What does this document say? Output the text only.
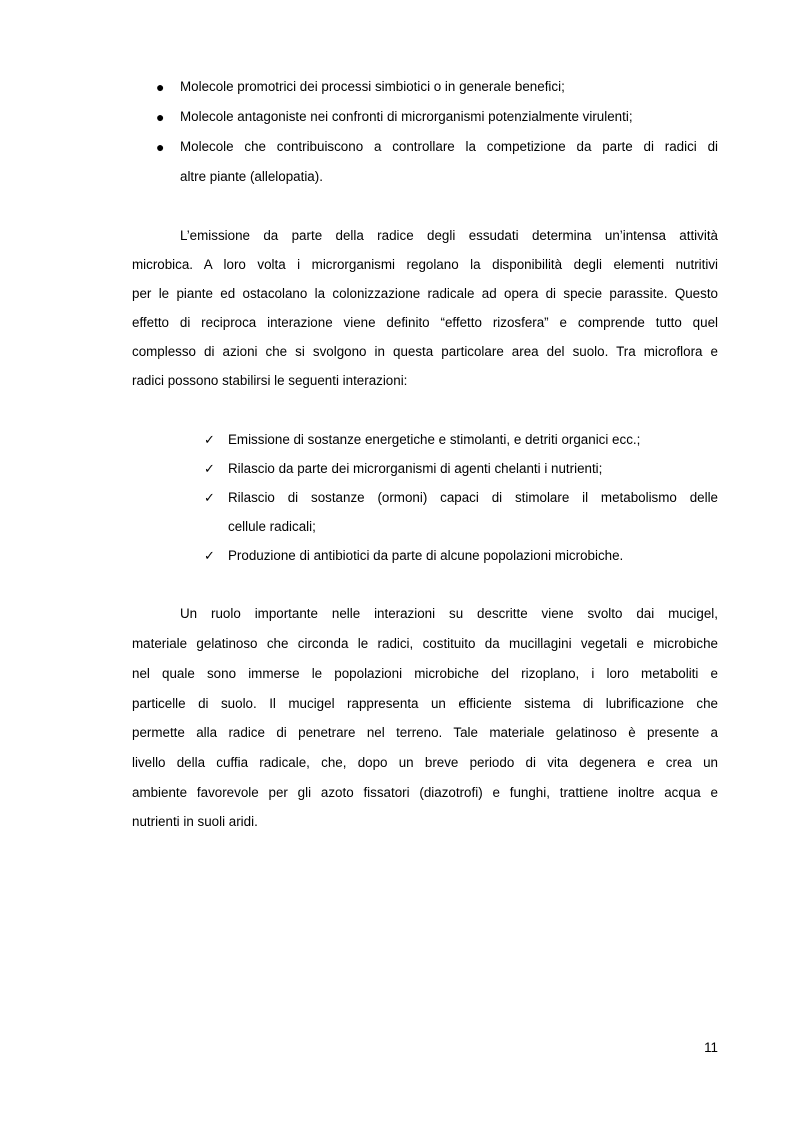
● Molecole promotrici dei processi simbiotici o in generale benefici;
● Molecole antagoniste nei confronti di microrganismi potenzialmente virulenti;
● Molecole che contribuiscono a controllare la competizione da parte di radici di
altre piante (allelopatia).
L’emissione da parte della radice degli essudati determina un’intensa attività
microbica. A loro volta i microrganismi regolano la disponibilità degli elementi nutritivi
per le piante ed ostacolano la colonizzazione radicale ad opera di specie parassite. Questo
effetto di reciproca interazione viene definito “effetto rizosfera” e comprende tutto quel
complesso di azioni che si svolgono in questa particolare area del suolo. Tra microflora e
radici possono stabilirsi le seguenti interazioni:
✓ Emissione di sostanze energetiche e stimolanti, e detriti organici ecc.;
✓ Rilascio da parte dei microrganismi di agenti chelanti i nutrienti;
✓ Rilascio di sostanze (ormoni) capaci di stimolare il metabolismo delle
cellule radicali;
✓ Produzione di antibiotici da parte di alcune popolazioni microbiche.
Un ruolo importante nelle interazioni su descritte viene svolto dai mucigel,
materiale gelatinoso che circonda le radici, costituito da mucillagini vegetali e microbiche
nel quale sono immerse le popolazioni microbiche del rizoplano, i loro metaboliti e
particelle di suolo. Il mucigel rappresenta un efficiente sistema di lubrificazione che
permette alla radice di penetrare nel terreno. Tale materiale gelatinoso è presente a
livello della cuffia radicale, che, dopo un breve periodo di vita degenera e crea un
ambiente favorevole per gli azoto fissatori (diazotrofi) e funghi, trattiene inoltre acqua e
nutrienti in suoli aridi.
11
